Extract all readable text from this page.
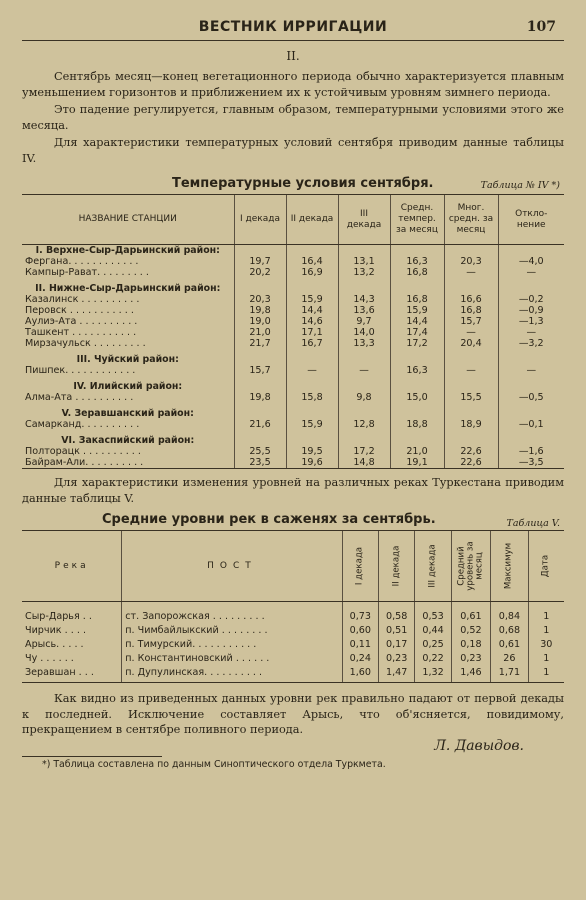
ВЕСТНИК ИРРИГАЦИИ	107
II.

Сентябрь месяц—конец вегетационного периода обычно характеризуется плавным уменьшением горизонтов и приближением их к устойчивым уровням зимнего периода.

Это падение регулируется, главным образом, температурными условиями этого же месяца.

Для характеристики температурных условий сентября приводим данные таблицы IV.

Температурные условия сентября.	Таблица № IV *)
НАЗВАНИЕ СТАНЦИИ	I декада	II декада	III декада	Средн. темпер. за месяц	Мног. средн. за месяц	Откло- нение
I. Верхне-Сыр-Дарьинский район:						
Фергана. . . . . . . . . . . .	19,7	16,4	13,1	16,3	20,3	—4,0
Кампыр-Рават. . . . . . . . .	20,2	16,9	13,2	16,8	—	—

II. Нижне-Сыр-Дарьинский район:						
Казалинск . . . . . . . . . .	20,3	15,9	14,3	16,8	16,6	—0,2
Перовск . . . . . . . . . . .	19,8	14,4	13,6	15,9	16,8	—0,9
Аулиэ-Ата . . . . . . . . . .	19,0	14,6	9,7	14,4	15,7	—1,3
Ташкент . . . . . . . . . . .	21,0	17,1	14,0	17,4	—	—
Мирзачульск . . . . . . . . .	21,7	16,7	13,3	17,2	20,4	—3,2

III. Чуйский район:						
Пишпек. . . . . . . . . . . .	15,7	—	—	16,3	—	—

IV. Илийский район:						
Алма-Ата . . . . . . . . . .	19,8	15,8	9,8	15,0	15,5	—0,5

V. Зеравшанский район:						
Самарканд. . . . . . . . . .	21,6	15,9	12,8	18,8	18,9	—0,1

VI. Закаспийский район:						
Полторацк . . . . . . . . . .	25,5	19,5	17,2	21,0	22,6	—1,6
Байрам-Али. . . . . . . . . .	23,5	19,6	14,8	19,1	22,6	—3,5

Для характеристики изменения уровней на различных реках Туркестана приводим данные таблицы V.

Средние уровни рек в саженях за сентябрь.	Таблица V.
Река	ПОСТ	I декада	II декада	III декада	Средний уровень за месяц	Максимум	Дата

Сыр-Дарья . .	ст. Запорожская . . . . . . . . .	0,73	0,58	0,53	0,61	0,84	1
Чирчик . . . .	п. Чимбайлыкский . . . . . . . .	0,60	0,51	0,44	0,52	0,68	1
Арысь. . . . .	п. Тимурский. . . . . . . . . . .	0,11	0,17	0,25	0,18	0,61	30
Чу . . . . . .	п. Константиновский . . . . . .	0,24	0,23	0,22	0,23	26	1
Зеравшан . . .	п. Дупулинская. . . . . . . . . .	1,60	1,47	1,32	1,46	1,71	1

Как видно из приведенных данных уровни рек правильно падают от первой декады к последней. Исключение составляет Арысь, что об'ясняется, повидимому, прекращением в сентябре поливного периода.

Л. Давыдов.
*) Таблица составлена по данным Синоптического отдела Туркмета.
